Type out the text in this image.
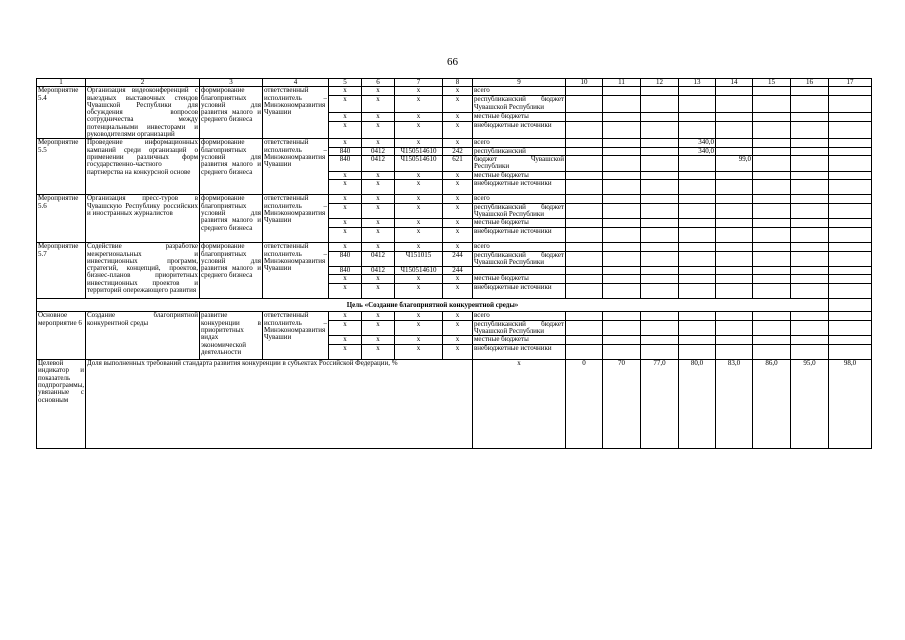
66
1	2	3	4	5	6	7	8	9	10	11	12	13	14	15	16	17
Мероприятие 5.4	Организация видеоконференций с выездных выставочных стендов Чувашской Республики для обсуждения вопросов сотрудничества между потенциальными инвесторами и руководителями организаций	формирование благоприятных условий для развития малого и среднего бизнеса	ответственный исполнитель – Минэкономразвития Чувашии	х	х	х	х	всего								
				х	х	х	х	республиканский бюджет Чувашской Республики								
				х	х	х	х	местные бюджеты								
				х	х	х	х	внебюджетные источники								
Мероприятие 5.5	Проведение информационных кампаний среди организаций о применении различных форм государственно-частного партнерства на конкурсной основе	формирование благоприятных условий для развития малого и среднего бизнеса	ответственный исполнитель – Минэкономразвития Чувашии	х	х	х	х	всего				340,0				
				840	0412	Ч150514610	242	республиканский				340,0				
				840	0412	Ч150514610	621	бюджет Чувашской Республики					99,0			
				х	х	х	х	местные бюджеты								
				х	х	х	х	внебюджетные источники								
Мероприятие 5.6	Организация пресс-туров в Чувашскую Республику российских и иностранных журналистов	формирование благоприятных условий для развития малого и среднего бизнеса	ответственный исполнитель – Минэкономразвития Чувашии	х	х	х	х	всего								
				х	х	х	х	республиканский бюджет Чувашской Республики								
				х	х	х	х	местные бюджеты								
				х	х	х	х	внебюджетные источники								
Мероприятие 5.7	Содействие разработке межрегиональных и инвестиционных программ, стратегий, концепций, проектов, бизнес-планов приоритетных инвестиционных проектов и территорий опережающего развития	формирование благоприятных условий для развития малого и среднего бизнеса	ответственный исполнитель – Минэкономразвития Чувашии	х	х	х	х	всего								
				840	0412	Ч151015	244	республиканский бюджет Чувашской Республики								
				840	0412	Ч150514610	244									
				х	х	х	х	местные бюджеты								
				х	х	х	х	внебюджетные источники								
Цель «Создание благоприятной конкурентной среды»																
Основное мероприятие 6	Создание благоприятной конкурентной среды	развитие конкуренции в приоритетных видах экономической деятельности	ответственный исполнитель – Минэкономразвития Чувашии	х	х	х	х	всего								
				х	х	х	х	республиканский бюджет Чувашской Республики								
				х	х	х	х	местные бюджеты								
				х	х	х	х	внебюджетные источники								
Целевой индикатор и показатель подпрограммы, увязанные с основным	Доля выполненных требований стандарта развития конкуренции в субъектах Российской Федерации, %							х	0	70	77,0	80,0	83,0	86,0	95,0	98,0
